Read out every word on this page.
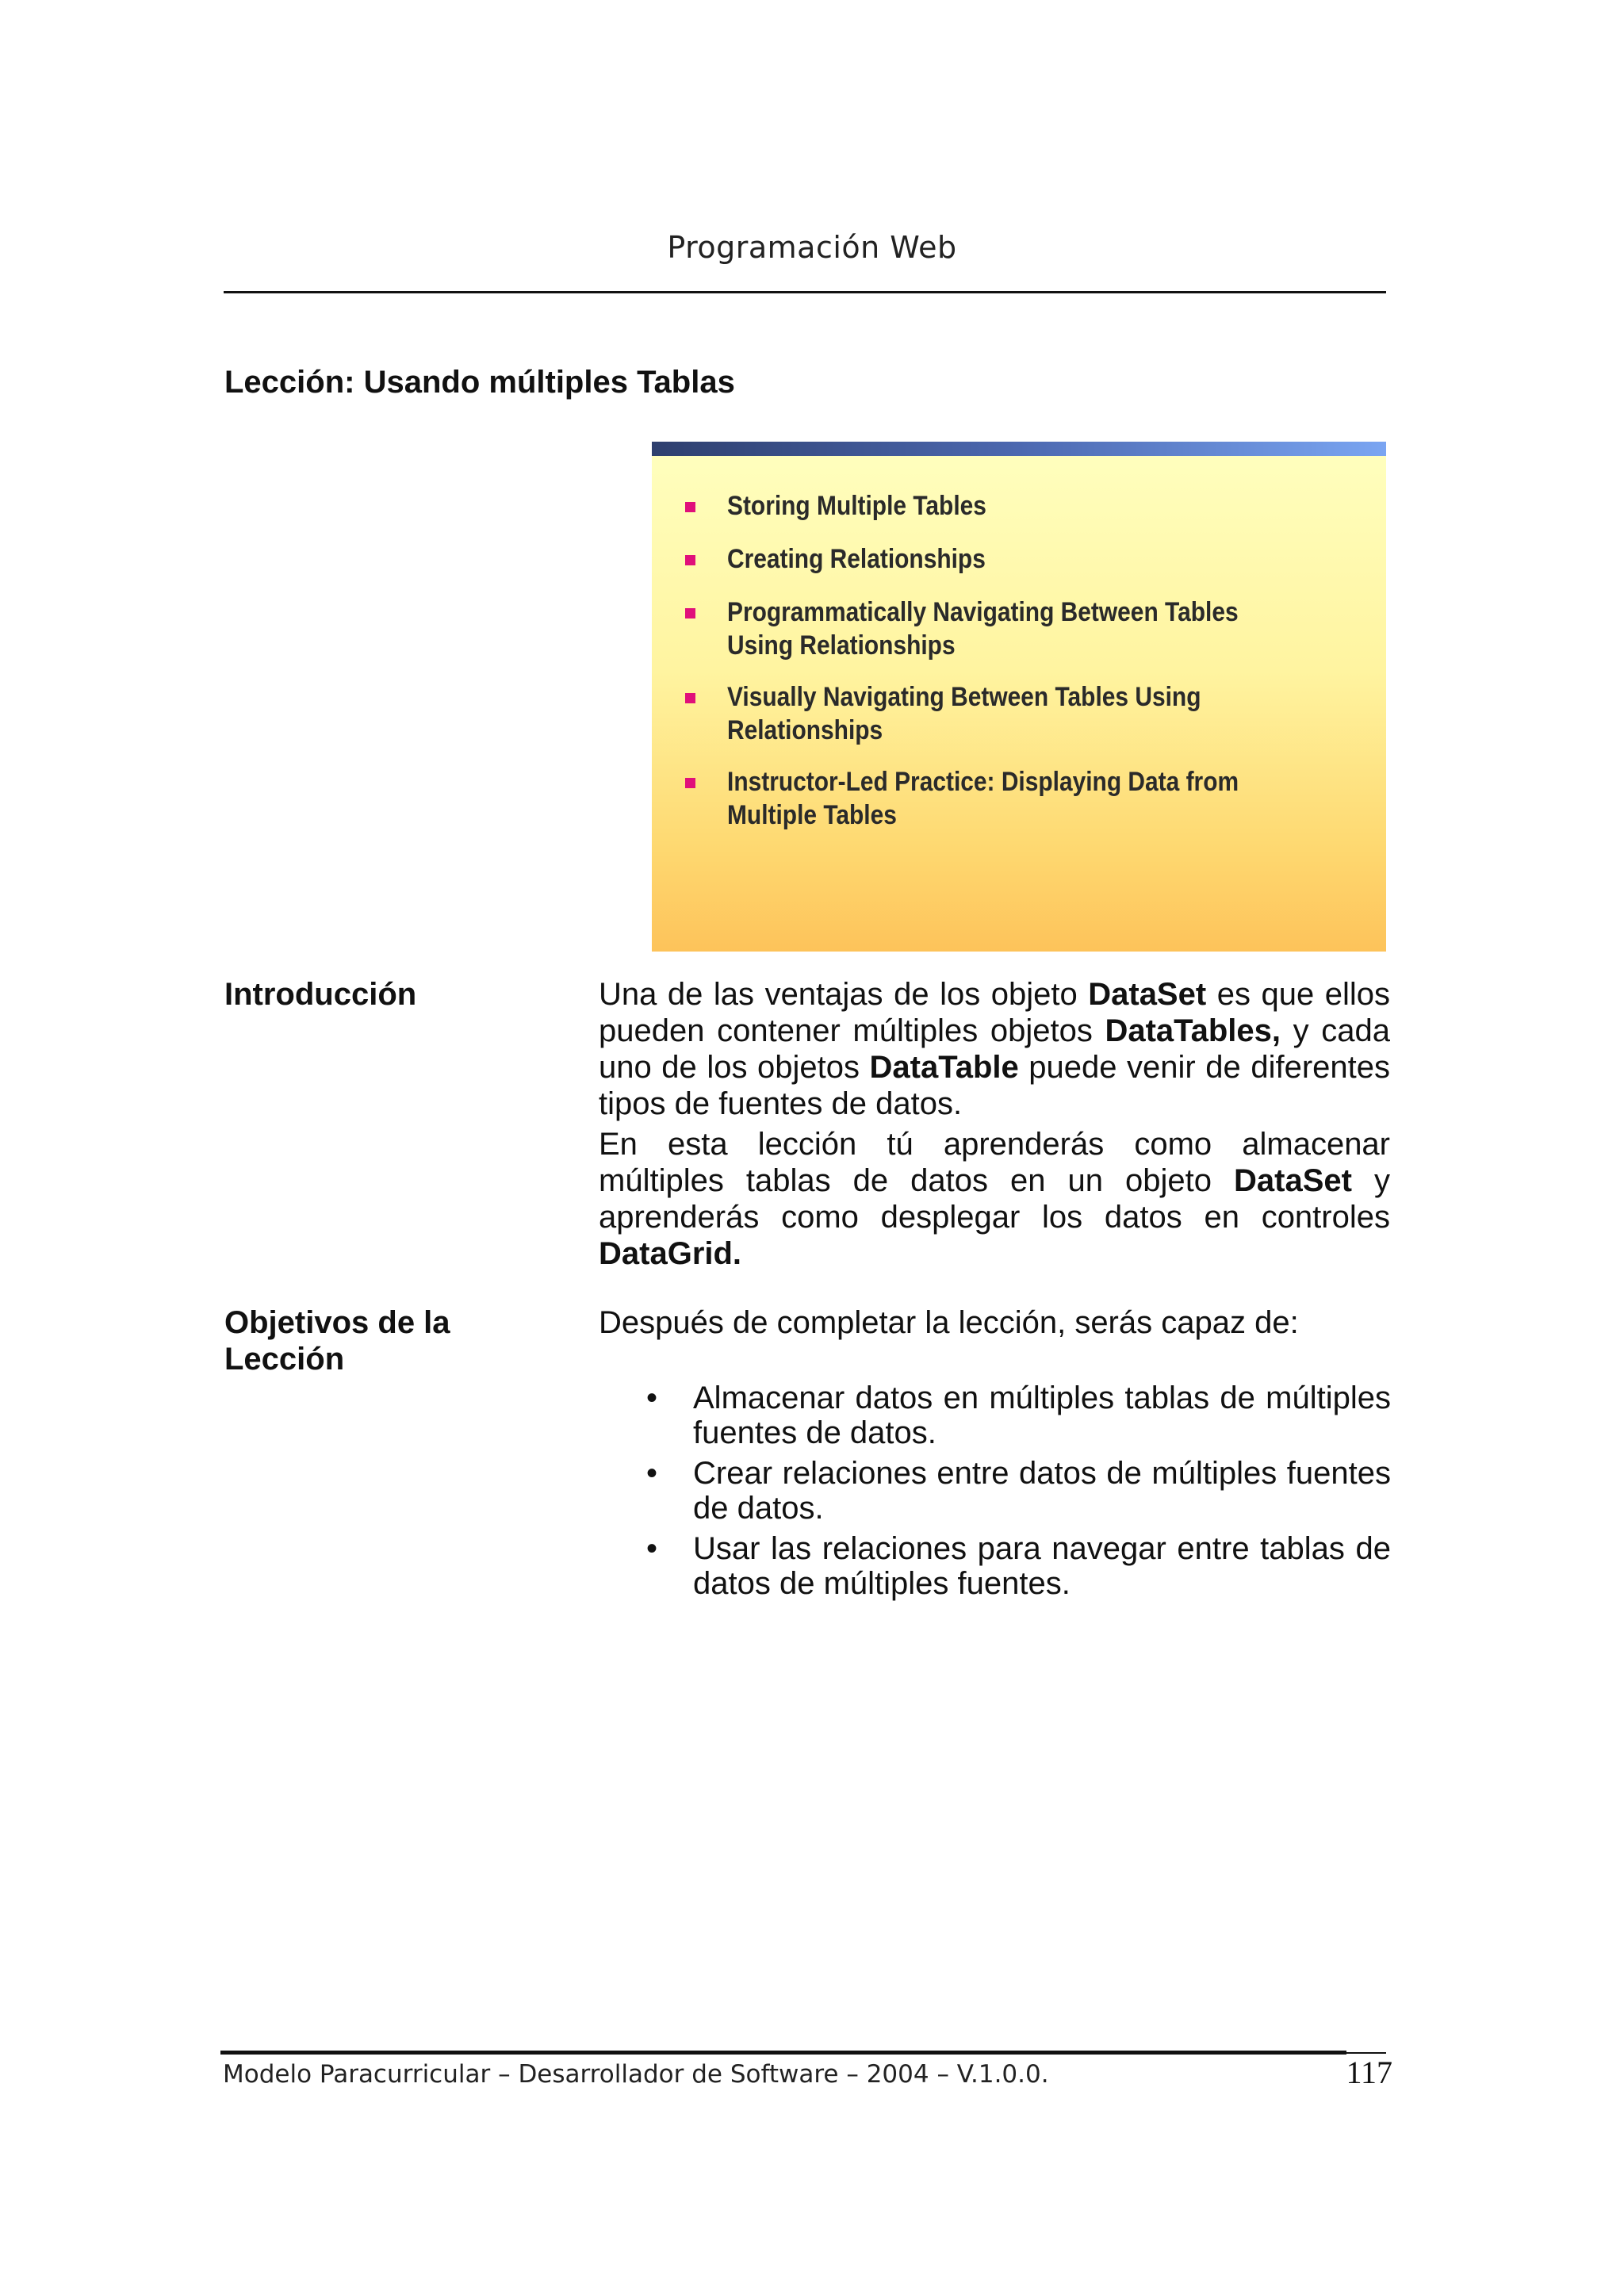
Programación Web
Lección: Usando múltiples Tablas
Storing Multiple Tables
Creating Relationships
Programmatically Navigating Between Tables Using Relationships
Visually Navigating Between Tables Using Relationships
Instructor-Led Practice: Displaying Data from Multiple Tables
Introducción	Una de las ventajas de los objeto DataSet es que ellos pueden contener múltiples objetos DataTables, y cada uno de los objetos DataTable puede venir de diferentes tipos de fuentes de datos.
En esta lección tú aprenderás como almacenar múltiples tablas de datos en un objeto DataSet y aprenderás como desplegar los datos en controles DataGrid.
Objetivos de la
Lección
Después de completar la lección, serás capaz de:
• Almacenar datos en múltiples tablas de múltiples fuentes de datos.
• Crear relaciones entre datos de múltiples fuentes de datos.
• Usar las relaciones para navegar entre tablas de datos de múltiples fuentes.
Modelo Paracurricular – Desarrollador de Software – 2004 – V.1.0.0.	117
